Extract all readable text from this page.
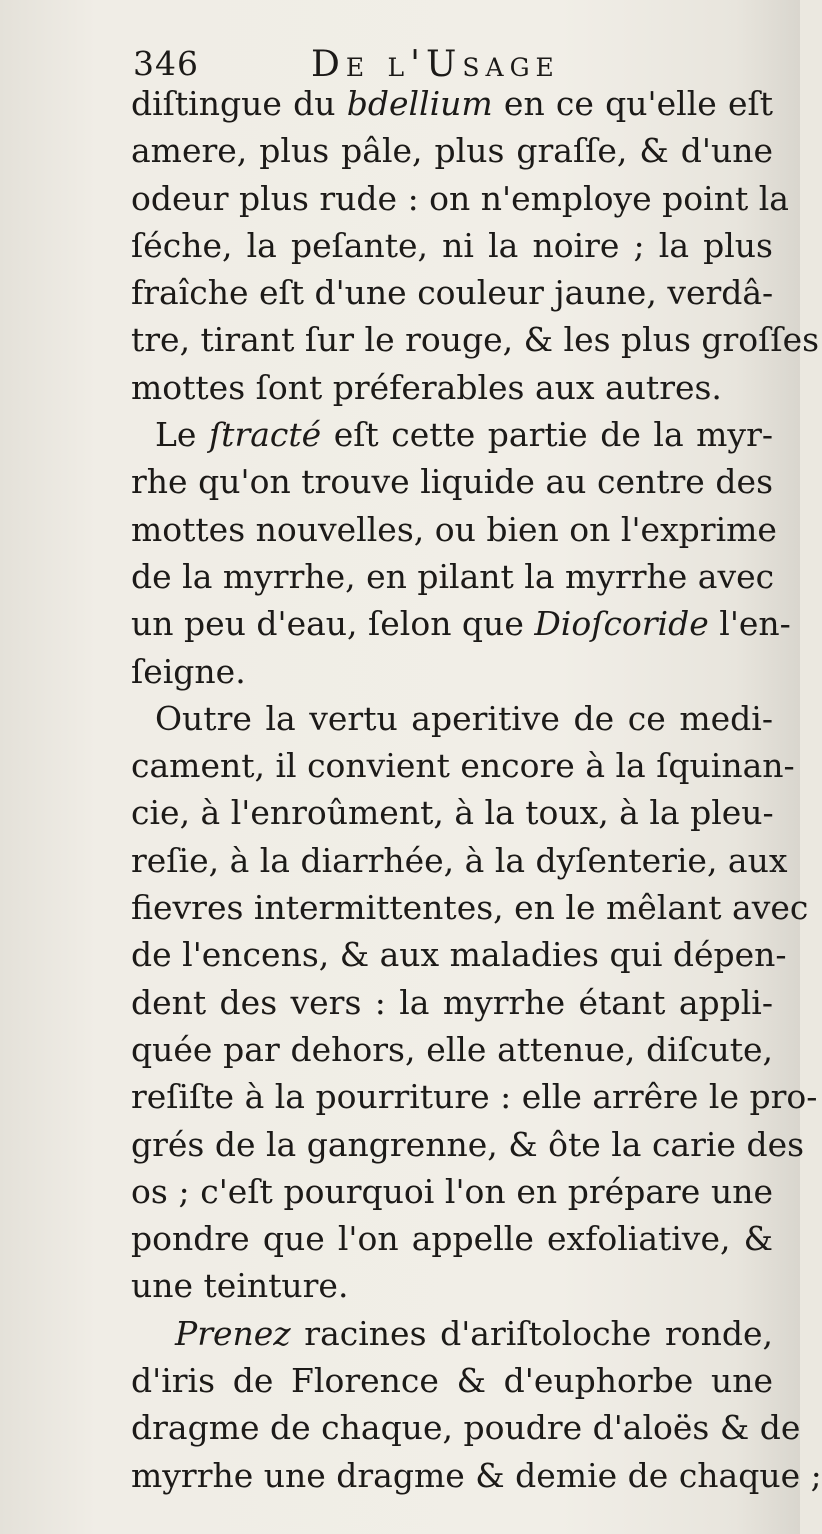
346	De l'Usage
diſtingue du bdellium en ce qu'elle eſt
amere, plus pâle, plus graſſe, & d'une
odeur plus rude : on n'employe point la
ſéche, la peſante, ni la noire ; la plus
fraîche eſt d'une couleur jaune, verdâ-
tre, tirant ſur le rouge, & les plus groſſes
mottes ſont préferables aux autres.
Le ſtracté eſt cette partie de la myr-
rhe qu'on trouve liquide au centre des
mottes nouvelles, ou bien on l'exprime
de la myrrhe, en pilant la myrrhe avec
un peu d'eau, ſelon que Dioſcoride l'en-
ſeigne.
Outre la vertu aperitive de ce medi-
cament, il convient encore à la ſquinan-
cie, à l'enroûment, à la toux, à la pleu-
reſie, à la diarrhée, à la dyſenterie, aux
fievres intermittentes, en le mêlant avec
de l'encens, & aux maladies qui dépen-
dent des vers : la myrrhe étant appli-
quée par dehors, elle attenue, diſcute,
reſiſte à la pourriture : elle arrêre le pro-
grés de la gangrenne, & ôte la carie des
os ; c'eſt pourquoi l'on en prépare une
pondre que l'on appelle exfoliative, &
une teinture.
Prenez racines d'ariſtoloche ronde,
d'iris de Florence & d'euphorbe une
dragme de chaque, poudre d'aloës & de
myrrhe une dragme & demie de chaque ;
